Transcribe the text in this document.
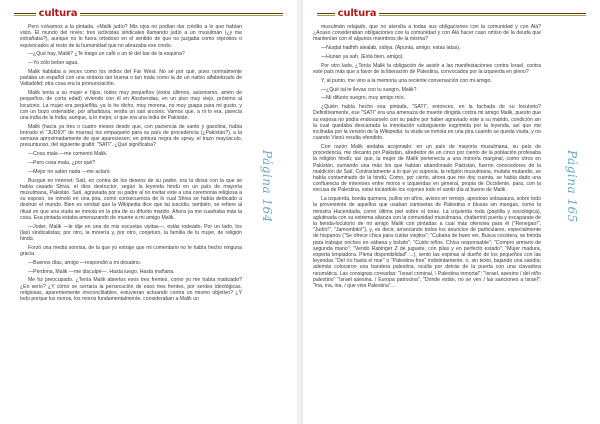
cultura

Pero volvamos a la pintada. «Malik judío? Mis ojos no podían dar crédito a lo que habían visto. El mundo del revés: tres activistas sindicales llamando judío a un musulmán (¿y me extrañaba?), aunque no lo fuera ortodoxo en el sentido de que no juzgaba como réprobos o equivocados al resto de la humanidad que no abrazaba ese credo.

—¿Qué hay, Malik? ¿Te traigo un café o un té del bar de la esquina?

—Yo sólo beber agua.

Malik hablaba a veces como los indios del Far West. No sé por qué, pues normalmente parlaba un español con una sintaxis tan buena o tan mala como la de un nativo alfabetizado de Valladolid; otra cosa era la pronunciación.

Malik tenía a su mujer e hijos, todos muy pequeños (éstos últimos, asismismo, amén de pequeños, de corta edad) viviendo con él en Alcobendas, en un piso muy viejo, próximo al locutorio. La mujer era pequeñita, ya lo he dicho, muy morena, no muy guapa para mi gusto, y con un bozo ostensible; por añadidura, vestía un sari arcoiris. Vamos que, a ni lo era, parecía una india de la India; aunque, a lo mejor, sí que era una india de Pakistán.

Malik (hacía ya tres o cuatro meses desde que, con paciencia de santo y gasolina, había borrado el "JUDÍO!" de marras) los empaquetó para su país de procedencia (¿Pakistán?), a la semana aproximadamente de que apareciesen, en pintura negra de spray, el trazo mayúsculo, presuntuoso, del siguiente grafiti: "SATI". ¿Qué significaba?

—Cosa mala —me comentó Malik.

—Pero cosa mala, ¿por qué?

—Mejor no saber nada —me aclaró.

Busqué en internet: Satí, en contra de los deseos de su padre, era la diosa con la que se había casado Shiva, el dios destructor, según la leyenda hindú en un país de mayoría musulmana, Pakistán. Satí, agraviada por su padre al no invitar este a una ceremonia religiosa a su esposo, se inmoló en una pira, como consecuencia de lo cual Shiva se había dedicado a destruir el mundo. Bien es verdad que la Wikipedia dice que tal suicidio, también, se refiere al ritual en que una viuda se inmola en la pira de su difunto marido. Ahora ya me cuadraba más la cosa. Esa pintada estaba amenazando de muerte a mi amigo Malik.

—Joder, Malik —le dije en una de mis escuetas visitas—, estás rodeado. Por un lado, los (las) sindicalistas; por otro, la morería y, por otro, conjeturo, la familia de tu mujer, de religión hindú.

Forzó una media sonrisa, de la que yo extraje que mi comentario no le había hecho ninguna gracia.

—Buenos días, amigo —respondió a mi desatino.

—Perdona, Malik —me disculpé—. Hasta luego. Hasta mañana.

Me fui preocupado. ¿Tenía Malik abiertos esos tres frentes, como yo me había maliciado? ¿En serio? ¿Y cómo se cerraría la persecución de esos tres frentes, por serdes ideológicas, religiosas, aparentemente irreconciliables, estuvieran actuando contra un mismo objetivo? ¿Y todo porque los moros, los moros fundamentalmente, consideraban a Malik un

Página 164
cultura

musulmán relajado, que no atendía a todas sus obligaciones con la comunidad y con Alá? ¿Acaso consideraban obligaciones con la comunidad y con Alá hacer caso omiso de la deuda que mantenían con él algunos miembros de la misma?

—Nuqtat hadhih alealab, sidiya. (Apunta, amigo, estas latas).

—Hunan ya sah. (Está bien, amigo).

Por otro lado, ¿Tenía Malik la obligación de asistir a las manifestaciones contra Israel, contra este país más que a favor de la liberación de Palestina, convocados por la izquierda en pleno?

Y, al punto, me vino a la memoria una reciente conversación con mi amigo.

—¿Qué tal te llevas con tu suegro, Malik?

—Mi difunto suegro, muy amigo mío.

¿Quién había hecho esa pintada, "SATI", entonces, en la fachada de su locutorio? Definitivamente, ese "SATI" era una amenaza de muerte dirigida contra mi amigo Malik, puesto que su esposa no podía endosarselo con su padre por haber agraviado este a su marido, condición sin la cual quedaba descartada la inmolación subsiguiente esgrimida por la leyenda, así que me inclinaba por la versión de la Wikipedia: la viuda se inmola en una pira cuando se queda viuda, y no cuando Visnú resulta ofendido.

Con razón Malik andaba acojonado: en un país de mayoría musulmana, su país de procedencia, me decanto por Pakistán, alrededor de un cinco por ciento de la población profesaba la religión hindú; así que, la mujer de Malik pertenecía a una minoría marginal, como otros en Pakistán, sumando una más los que habían abandonado Pakistán, fueron conocedores de la maldición de Satí. Contrariamente a lo que yo suponía, la religión musulmana, mutatis mutandis, se había contaminado de la hindú. Como, por cierto, ahora que me doy cuenta, se había dado una confluencia de intereses entre moros e izquierdas en general, propia de Occidente, para, con la excusa de Palestina, estar tocándole los cojones todo el santo día al bueno de Malik.

La izquierda, bonita quimera, pullos en años, avisos en remojo, apestoso sobasaura, sobre todo la proveniente de aquellos que usaban camisetas de Palestina o blusas sin mangas, como la ministra Hacendada, como última piel sobre el torax. La izquierda toda (pastilla y sociológica), aglutinada con su extrema alianza con la comunidad musulmana, chafarrinó puerta y escaparate de la tienda-locutorio de mi amigo Malik con pintadas a cual más ofensiva para él ("Renegao!", "Judío!", "Jamombito!"), y, es decir, arrancando todos los anuncios de particulares, especialmente de hispanos ("Se ofrece chica para cuidar viejitos"; "Cubana de buen ver, Busca cocotera, se brinda para trabajar noches en sábana y bolsito"; "Cuido niños. Chica responsable"; "Compro armario de segunda mano"; "Vendo Rabinger Z de juguete, con pilas y en perfecto estado"; "Mujer madura, experta limpiadora. Plena disponibilidad" ...), sentó las espinas al dueño de los pequeños con las leyendas "Del río hasta el mar" o "Palestina free" indistintamente, o, sin texto, bajando una sandía; además colocaron una bandera palestina, oculta por detrás de la puerta con una clavadora neumática. Las consignas coreadas: "Israel criminal, / Palestina inmortal"; "Israel, asesino / del niño palestino" "Israel asesina, / Europa patrocina", "Dónde están, no se ven / las sanciones a Israel"; "Ina, ina, ina, / que viva Palestina"...

Página 165
